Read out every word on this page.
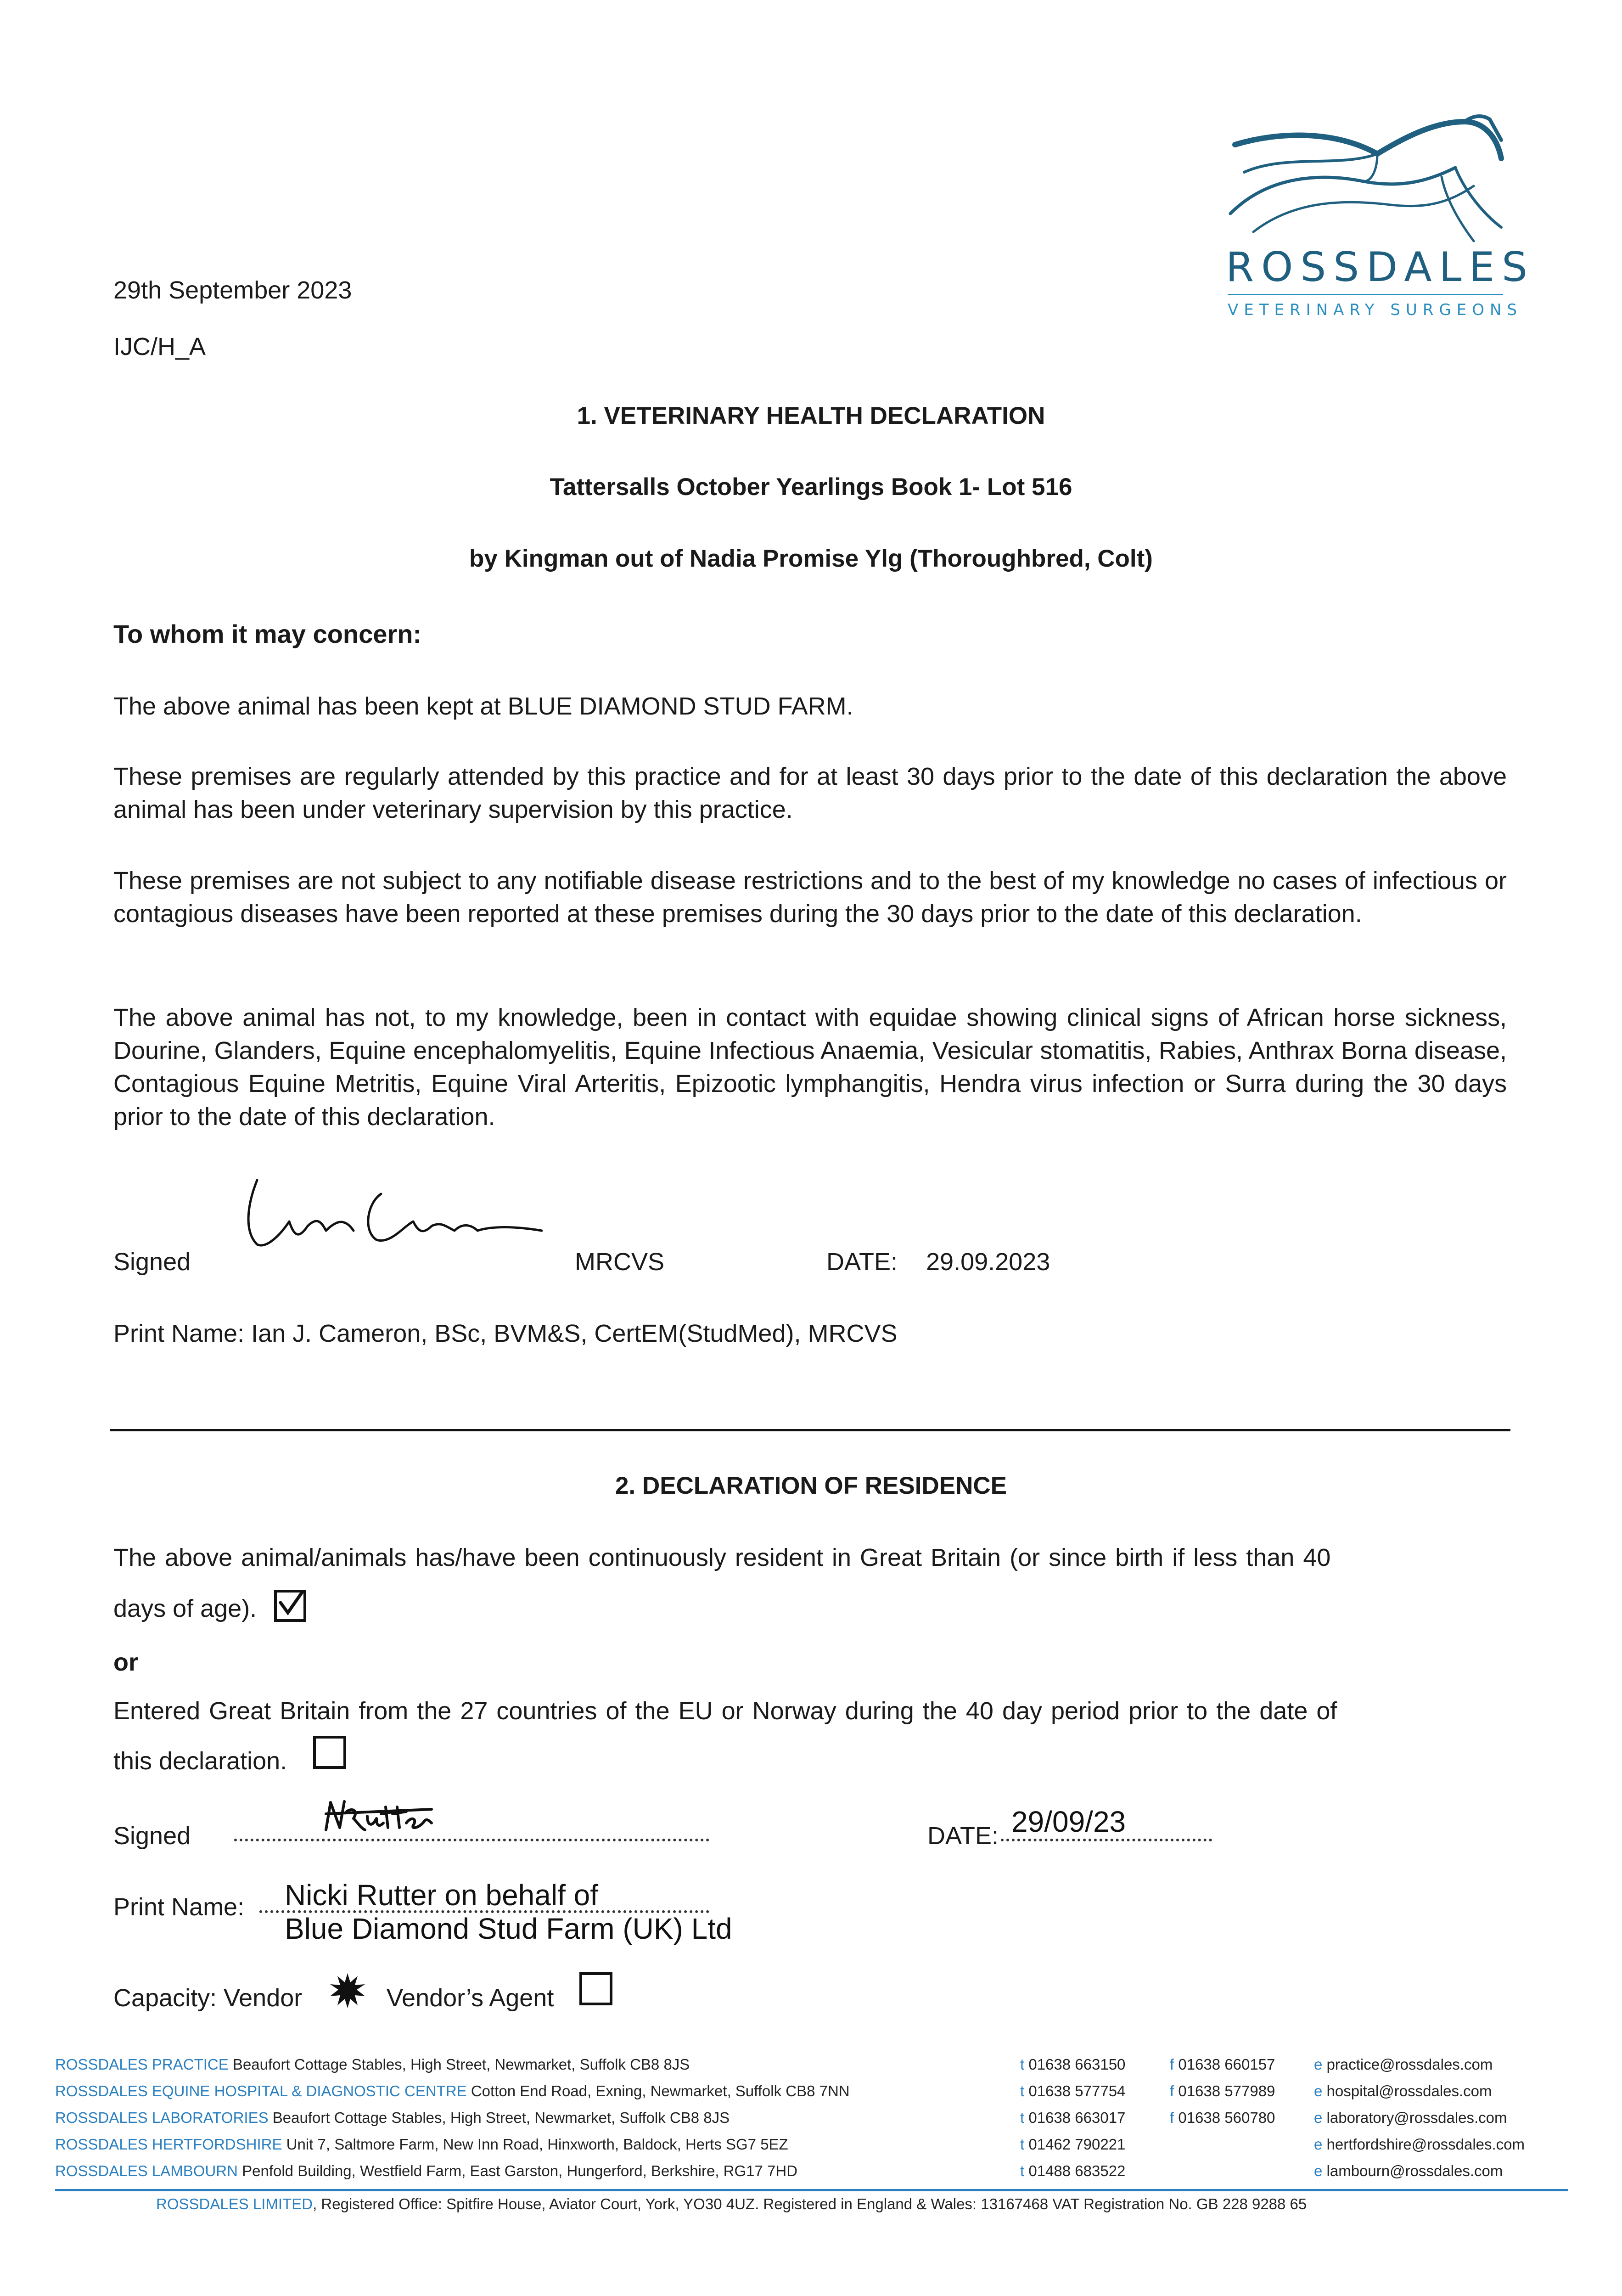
ROSSDALES
VETERINARY SURGEONS
29th September 2023
IJC/H_A
1. VETERINARY HEALTH DECLARATION
Tattersalls October Yearlings Book 1- Lot 516
by Kingman out of Nadia Promise Ylg (Thoroughbred, Colt)
To whom it may concern:
The above animal has been kept at BLUE DIAMOND STUD FARM.
These premises are regularly attended by this practice and for at least 30 days prior to the date of this declaration the above animal has been under veterinary supervision by this practice.
These premises are not subject to any notifiable disease restrictions and to the best of my knowledge no cases of infectious or contagious diseases have been reported at these premises during the 30 days prior to the date of this declaration.
The above animal has not, to my knowledge, been in contact with equidae showing clinical signs of African horse sickness, Dourine, Glanders, Equine encephalomyelitis, Equine Infectious Anaemia, Vesicular stomatitis, Rabies, Anthrax Borna disease, Contagious Equine Metritis, Equine Viral Arteritis, Epizootic lymphangitis, Hendra virus infection or Surra during the 30 days prior to the date of this declaration.
Signed	MRCVS	DATE: 29.09.2023
Print Name: Ian J. Cameron, BSc, BVM&S, CertEM(StudMed), MRCVS
2. DECLARATION OF RESIDENCE
The above animal/animals has/have been continuously resident in Great Britain (or since birth if less than 40
days of age).
or
Entered Great Britain from the 27 countries of the EU or Norway during the 40 day period prior to the date of
this declaration.
Signed	DATE: 29/09/23
Print Name: Nicki Rutter on behalf of
Blue Diamond Stud Farm (UK) Ltd
Capacity: Vendor	Vendor’s Agent
ROSSDALES PRACTICE Beaufort Cottage Stables, High Street, Newmarket, Suffolk CB8 8JS	t 01638 663150	f 01638 660157	e practice@rossdales.com
ROSSDALES EQUINE HOSPITAL & DIAGNOSTIC CENTRE Cotton End Road, Exning, Newmarket, Suffolk CB8 7NN	t 01638 577754	f 01638 577989	e hospital@rossdales.com
ROSSDALES LABORATORIES Beaufort Cottage Stables, High Street, Newmarket, Suffolk CB8 8JS	t 01638 663017	f 01638 560780	e laboratory@rossdales.com
ROSSDALES HERTFORDSHIRE Unit 7, Saltmore Farm, New Inn Road, Hinxworth, Baldock, Herts SG7 5EZ	t 01462 790221	e hertfordshire@rossdales.com
ROSSDALES LAMBOURN Penfold Building, Westfield Farm, East Garston, Hungerford, Berkshire, RG17 7HD	t 01488 683522	e lambourn@rossdales.com
ROSSDALES LIMITED, Registered Office: Spitfire House, Aviator Court, York, YO30 4UZ. Registered in England & Wales: 13167468 VAT Registration No. GB 228 9288 65
